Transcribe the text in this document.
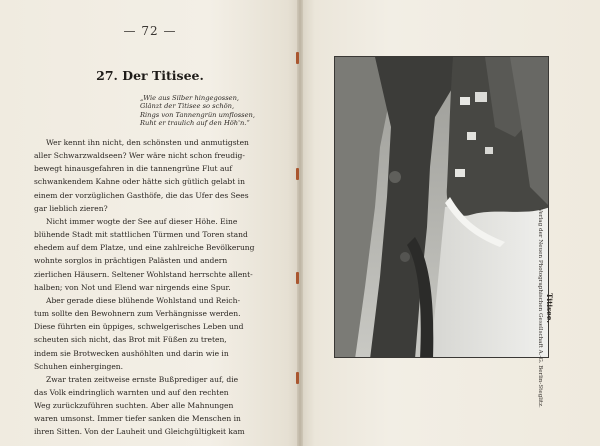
— 72 —
27. Der Titisee.
„Wie aus Silber hingegossen,
Glänzt der Titisee so schön,
Rings von Tannengrün umflossen,
Ruht er traulich auf den Höh'n.“
Wer kennt ihn nicht, den schönsten und anmutigsten
aller Schwarzwaldseen? Wer wäre nicht schon freudig-
bewegt hinausgefahren in die tannengrüne Flut auf
schwankendem Kahne oder hätte sich gütlich gelabt in
einem der vorzüglichen Gasthöfe, die das Ufer des Sees
gar lieblich zieren?
Nicht immer wogte der See auf dieser Höhe. Eine
blühende Stadt mit stattlichen Türmen und Toren stand
ehedem auf dem Platze, und eine zahlreiche Bevölkerung
wohnte sorglos in prächtigen Palästen und andern
zierlichen Häusern. Seltener Wohlstand herrschte allent-
halben; von Not und Elend war nirgends eine Spur.
Aber gerade diese blühende Wohlstand und Reich-
tum sollte den Bewohnern zum Verhängnisse werden.
Diese führten ein üppiges, schwelgerisches Leben und
scheuten sich nicht, das Brot mit Füßen zu treten,
indem sie Brotwecken aushöhlten und darin wie in
Schuhen einhergingen.
Zwar traten zeitweise ernste Bußprediger auf, die
das Volk eindringlich warnten und auf den rechten
Weg zurückzuführen suchten. Aber alle Mahnungen
waren umsonst. Immer tiefer sanken die Menschen in
ihren Sitten. Von der Lauheit und Gleichgültigkeit kam
Titisee.
Verlag der Neuen Photographischen Gesellschaft A.-G. Berlin-Steglitz.
